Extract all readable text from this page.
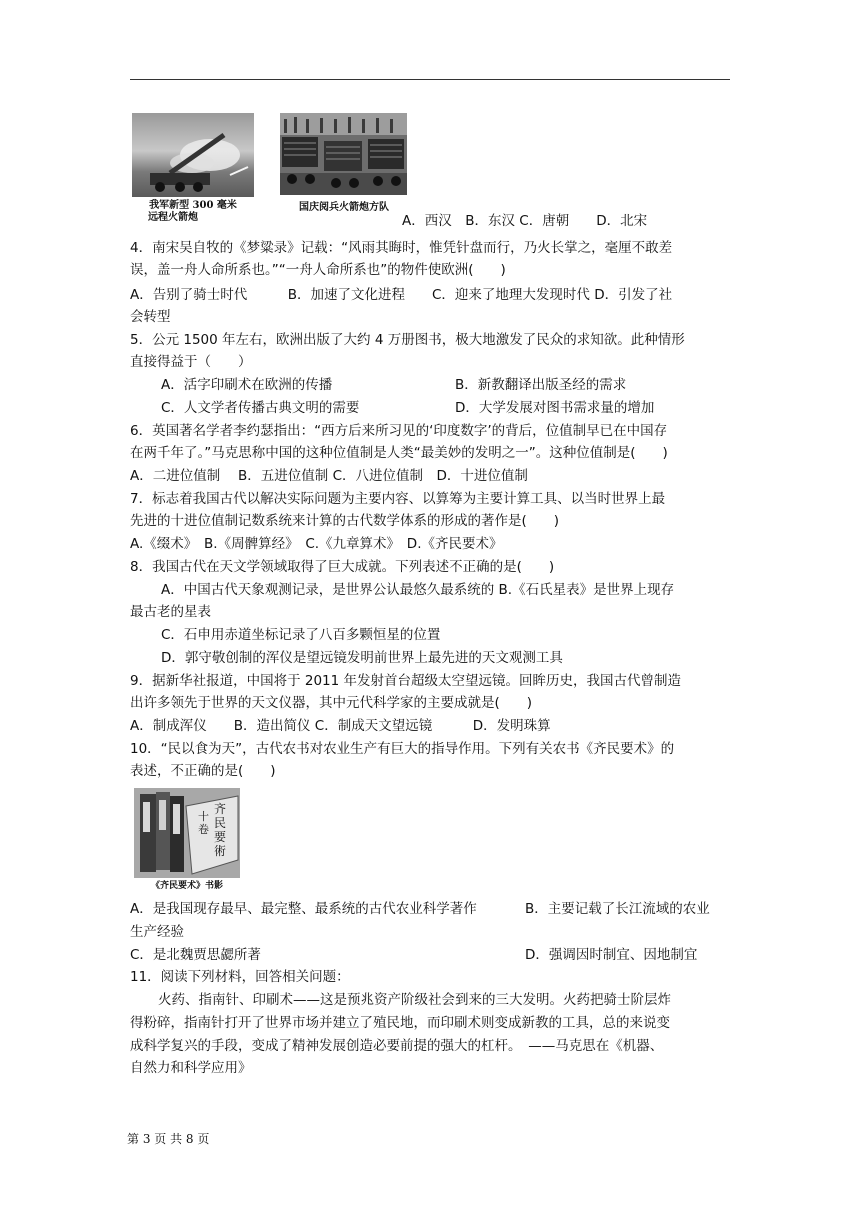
我军新型 300 毫米
远程火箭炮
国庆阅兵火箭炮方队
A．西汉　B．东汉 C．唐朝　　D．北宋
4．南宋吴自牧的《梦粱录》记载：“风雨其晦时，惟凭针盘而行，乃火长掌之，毫厘不敢差
误，盖一舟人命所系也。”“一舟人命所系也”的物件使欧洲(　　)
A．告别了骑士时代　　　B．加速了文化进程　　C．迎来了地理大发现时代 D．引发了社
会转型
5．公元 1500 年左右，欧洲出版了大约 4 万册图书，极大地激发了民众的求知欲。此种情形
直接得益于（　　）
A．活字印刷术在欧洲的传播	B．新教翻译出版圣经的需求
C．人文学者传播古典文明的需要	D．大学发展对图书需求量的增加
6．英国著名学者李约瑟指出：“西方后来所习见的‘印度数字’的背后，位值制早已在中国存
在两千年了。”马克思称中国的这种位值制是人类“最美妙的发明之一”。这种位值制是(　　)
A．二进位值制　 B．五进位值制 C．八进位值制　D．十进位值制
7．标志着我国古代以解决实际问题为主要内容、以算筹为主要计算工具、以当时世界上最
先进的十进位值制记数系统来计算的古代数学体系的形成的著作是(　　)
A.《缀术》　B.《周髀算经》　C.《九章算术》　D.《齐民要术》
8．我国古代在天文学领域取得了巨大成就。下列表述不正确的是(　　)
A．中国古代天象观测记录，是世界公认最悠久最系统的 B.《石氏星表》是世界上现存
最古老的星表
C．石申用赤道坐标记录了八百多颗恒星的位置
D．郭守敬创制的浑仪是望远镜发明前世界上最先进的天文观测工具
9．据新华社报道，中国将于 2011 年发射首台超级太空望远镜。回眸历史，我国古代曾制造
出许多领先于世界的天文仪器，其中元代科学家的主要成就是(　　)
A．制成浑仪　　B．造出简仪 C．制成天文望远镜　　　D．发明珠算
10．“民以食为天”，古代农书对农业生产有巨大的指导作用。下列有关农书《齐民要术》的
表述，不正确的是(　　)
齐民要術
十卷
《齐民要术》书影
A．是我国现存最早、最完整、最系统的古代农业科学著作	B．主要记载了长江流域的农业
生产经验
C．是北魏贾思勰所著	D．强调因时制宜、因地制宜
11．阅读下列材料，回答相关问题：
火药、指南针、印刷术——这是预兆资产阶级社会到来的三大发明。火药把骑士阶层炸
得粉碎，指南针打开了世界市场并建立了殖民地，而印刷术则变成新教的工具，总的来说变
成科学复兴的手段，变成了精神发展创造必要前提的强大的杠杆。　——马克思在《机器、
自然力和科学应用》
第 3 页 共 8 页
